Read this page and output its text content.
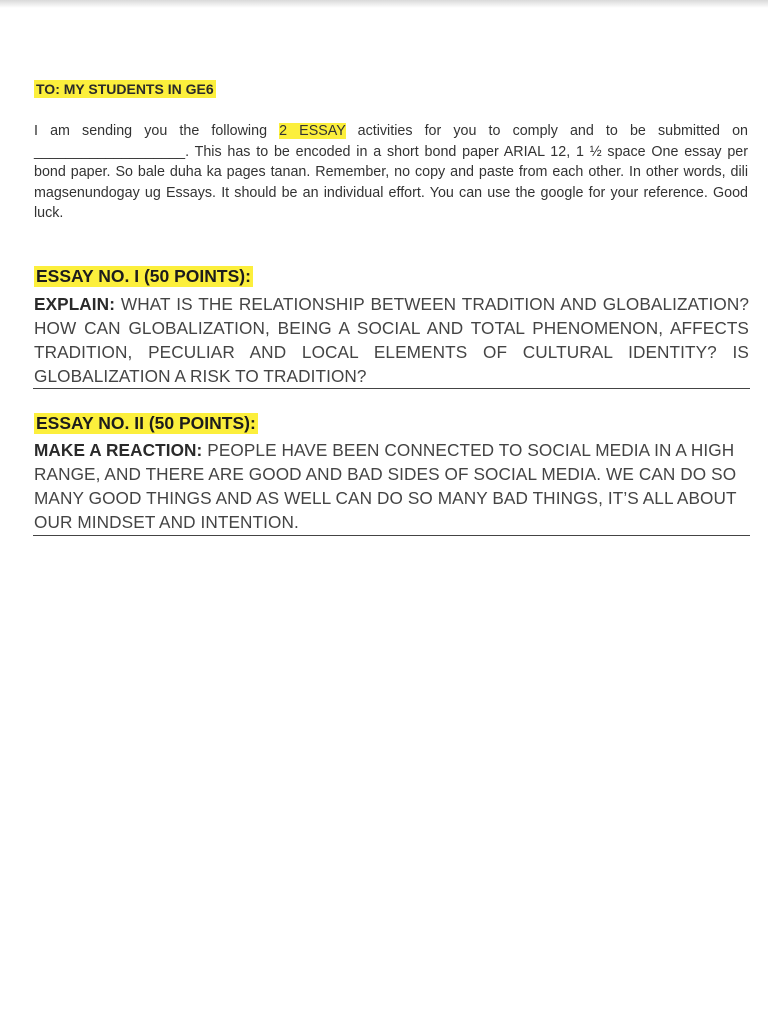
TO: MY STUDENTS IN GE6
I am sending you the following 2 ESSAY activities for you to comply and to be submitted on ___________________. This has to be encoded in a short bond paper ARIAL 12, 1 ½ space One essay per bond paper. So bale duha ka pages tanan. Remember, no copy and paste from each other. In other words, dili magsenundogay ug Essays. It should be an individual effort. You can use the google for your reference. Good luck.
ESSAY NO. I (50 POINTS):
EXPLAIN: WHAT IS THE RELATIONSHIP BETWEEN TRADITION AND GLOBALIZATION? HOW CAN GLOBALIZATION, BEING A SOCIAL AND TOTAL PHENOMENON, AFFECTS TRADITION, PECULIAR AND LOCAL ELEMENTS OF CULTURAL IDENTITY? IS GLOBALIZATION A RISK TO TRADITION?
ESSAY NO. II (50 POINTS):
MAKE A REACTION: PEOPLE HAVE BEEN CONNECTED TO SOCIAL MEDIA IN A HIGH RANGE, AND THERE ARE GOOD AND BAD SIDES OF SOCIAL MEDIA. WE CAN DO SO MANY GOOD THINGS AND AS WELL CAN DO SO MANY BAD THINGS, IT’S ALL ABOUT OUR MINDSET AND INTENTION.
